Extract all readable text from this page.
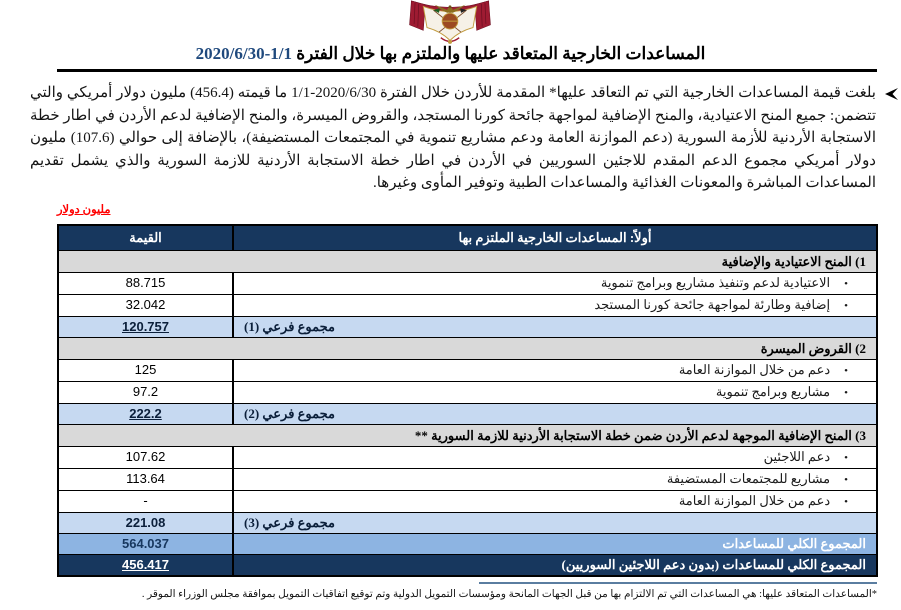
المساعدات الخارجية المتعاقد عليها والملتزم بها خلال الفترة 2020/6/30-1/1
بلغت قيمة المساعدات الخارجية التي تم التعاقد عليها* المقدمة للأردن خلال الفترة 2020/6/30-1/1 ما قيمته (456.4) مليون دولار أمريكي والتي تتضمن: جميع المنح الاعتيادية، والمنح الإضافية لمواجهة جائحة كورنا المستجد، والقروض الميسرة، والمنح الإضافية لدعم الأردن في اطار خطة الاستجابة الأردنية للأزمة السورية (دعم الموازنة العامة ودعم مشاريع تنموية في المجتمعات المستضيفة)، بالإضافة إلى حوالي (107.6) مليون دولار أمريكي مجموع الدعم المقدم للاجئين السوريين في الأردن في اطار خطة الاستجابة الأردنية للازمة السورية والذي يشمل تقديم المساعدات المباشرة والمعونات الغذائية والمساعدات الطبية وتوفير المأوى وغيرها.
مليون دولار
القيمة	أولاً: المساعدات الخارجية الملتزم بها
1) المنح الاعتيادية والإضافية
88.715	•الاعتيادية لدعم وتنفيذ مشاريع وبرامج تنموية
32.042	•إضافية وطارئة لمواجهة جائحة كورنا المستجد
120.757	مجموع فرعي (1)
2) القروض الميسرة
125	•دعم من خلال الموازنة العامة
97.2	•مشاريع وبرامج تنموية
222.2	مجموع فرعي (2)
3) المنح الإضافية الموجهة لدعم الأردن ضمن خطة الاستجابة الأردنية للازمة السورية **
107.62	•دعم اللاجئين
113.64	•مشاريع للمجتمعات المستضيفة
-	•دعم من خلال الموازنة العامة
221.08	مجموع فرعي (3)
564.037	المجموع الكلي للمساعدات
456.417	المجموع الكلي للمساعدات (بدون دعم اللاجئين السوريين)
*المساعدات المتعاقد عليها: هي المساعدات التي تم الالتزام بها من قبل الجهات المانحة ومؤسسات التمويل الدولية وتم توقيع اتفاقيات التمويل بموافقة مجلس الوزراء الموقر .
